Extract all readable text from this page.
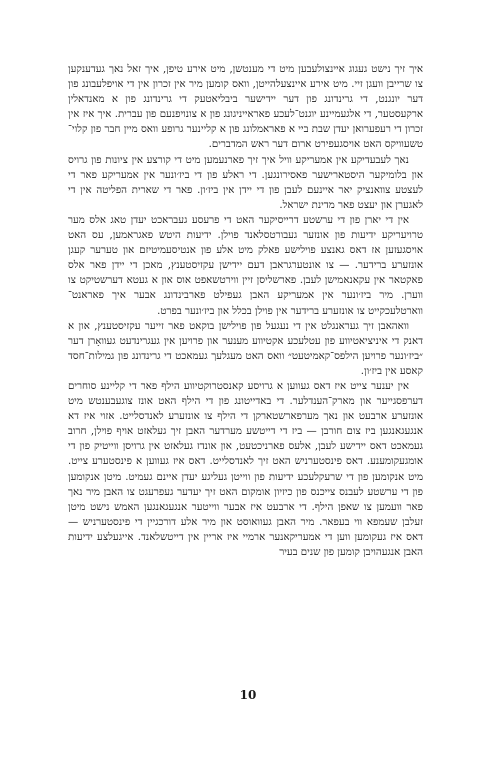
איך זיך נישט געגוג איינצולעבען מיט די מענטשן, מיט אירע טיפן, איך זאל נאך געדענקען צו שרייבן וועגן זיי. מיט אירע איינצעלהייטן, וואס קומען מיר אין זכרון אין די אויפלעבונג פון דער יונגנט, די גרינדונג פון דער יידישער ביבליאטעק די גרינדונג פון א מאנדאלין ארקעסטער, די אלגעמיינע יוגנט־לעכע פאראייניגונג פון א צונויפנעם פון עברית. איך איז אין זכרון די רעפערואן יעדן שבת ביי א פאראמלונג פון א קליינער גרופע וואס מיין חבר פון קלוי־ טשעוויקס האט אויסגעפירט ארום דער ראש המדברים.

נאך לעבעדיקע אין אמעריקע וויל איך זיך פארנעמען מיט די קורצע אין ציונות פון גרויס און בלומיקער היסטארישער פאסירונגען. די ראלע פון די ביז׳ונער אין אמעריקע פאר די לעצטע צוואנציק יאר איינעם לעבן פון די יידן אין ביז׳ון. פאר די שארית הפליטה אין די לאגערן און יעצט פאר מדינת ישראל.

אין די יארן פון די ערשטע דרייסיקער האט די פרעסע געבראכט יעדן טאג אלס מער טרויעריקע ידיעות פון אונזער געבורטסלאנד פוילן. ידיעות היטש פאגראמען, עס האט אויסגעזען אז דאס גאנצע פוילישע פאלק מיט אלע פון אנטיסעמיטיזם און טערער קעגן אונזערע ברידער. — צו אונטערגראבן דעם יידישן עקזיסטענץ, מאכן די יידן פאר אלס פאקטאר אין עקאנאמישן לעבן. פארשליסן זיין ווירטשאפט אוס און א געטא דערשטיקט צו ווערן. מיר ביז׳ונער אין אמעריקע האבן געפילט פארבינדונג אבער איך פאראנט־ ווארטלעכקייט צו אונזערע ברידער אין פוילן בכלל און ביז׳ונער בפרט.

וואהאבן זיך געראנגלט אין די נעגעל פון פוילישן בוקאט פאר זייער עקזיסטענץ, און א דאנק די איניציאטיווע פון עטלעכע אקטיווע מענער און פרויען אין געגרינדעט געוואָרן דער ״ביז׳ונער פרויען הילפס־קאמיטעט״ וואס האט מעגלעך געמאכט די גרינדונג פון גמילות־חסד קאסע אין ביז׳ון.

אין יענער צייט איז דאס געווען א גרויסע קאנסטרוקטיווע הילף פאר די קליינע סוחרים דערפסגייער און מארק־הענדלער. די באדייטונג פון די הילף האט אונז צוגעבענטש מיט אונזערע ארבעט און נאך מערפארשטארקן די הילף צו אונזערע לאנדסלייט. אזוי איז דא אנגעגאנגען ביז צום חורבן — ביז די דייטשע מערדער האבן זיך געלאזט אויף פוילן, חרוב געמאכט דאס יידישע לעבן, אלעס פארניכטעט, און אונדז געלאזט אין גרויסן ווייטיק פון די אומגעקומענע. דאס פינסטערניש האט זיך לאנדסלייט. דאס איז געווען א פינסטערע צייט. מיט אנקומען פון די שרעקלעכע ידיעות פון ווייטן געליגע יעדן איינם געמיט. מיטן אנקומען פון די ערשטע לעבנס צייכנס פון כיזיון אומקום האט זיך יעדער געפרעגט צו האבן מיר נאך פאר וועמען צו שאפן הילף. די ארבעט איז אבער ווייטער אנגעגאנגען האמש נישט מיטן זעלבן שעמפא ווי בעפאר. מיר האבן געוואוסט און מיר אלע דורכגיין די פינסטערניש — דאס איז געקומען ווען די אמעריקאנער ארמיי איז אריין אין דייטשלאנד. אייגעלצע ידיעות האבן אנגעהויבן קומען פון שנים בעיר

10
